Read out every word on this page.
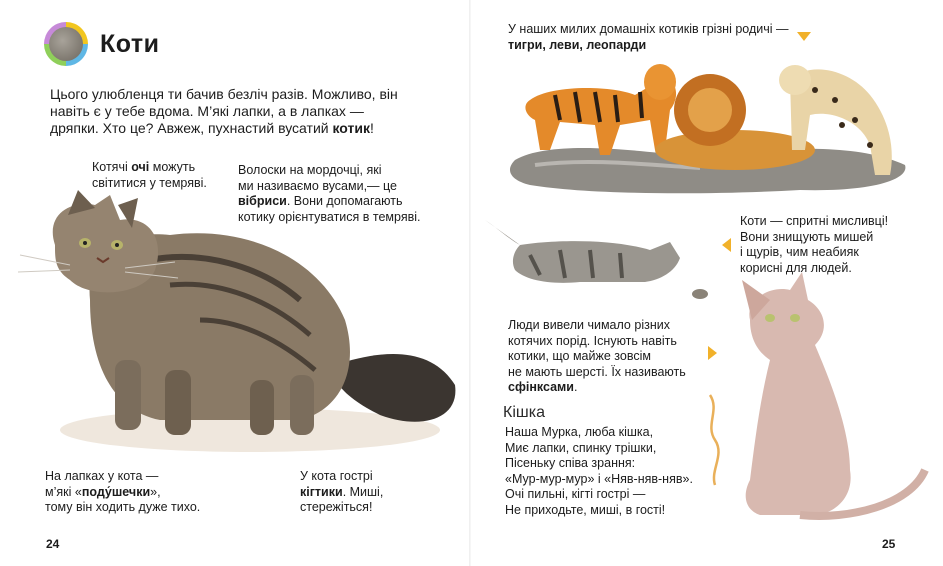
Коти

Цього улюбленця ти бачив безліч разів. Можливо, він навіть є у тебе вдома. М’які лапки, а в лапках — дряпки. Хто це? Авжеж, пухнастий вусатий котик!

Котячі очі можуть
світитися у темряві.
Волоски на мордочці, які
ми називаємо вусами,— це
вібриси. Вони допомагають
котику орієнтуватися в темряві.
На лапках у кота —
м’які «поду́шечки»,
тому він ходить дуже тихо.
У кота гострі
кігтики. Миші,
стережіться!
24
У наших милих домашніх котиків грізні родичі —
тигри, леви, леопарди
Коти — спритні мисливці!
Вони знищують мишей
і щурів, чим неабияк
корисні для людей.
Люди вивели чимало різних
котячих порід. Існують навіть
котики, що майже зовсім
не мають шерсті. Їх називають
сфінксами.
Кішка
Наша Мурка, люба кішка,
Миє лапки, спинку трішки,
Пісеньку співа зрання:
«Мур-мур-мур» і «Няв-няв-няв».
Очі пильні, кігті гострі —
Не приходьте, миші, в гості!
25
